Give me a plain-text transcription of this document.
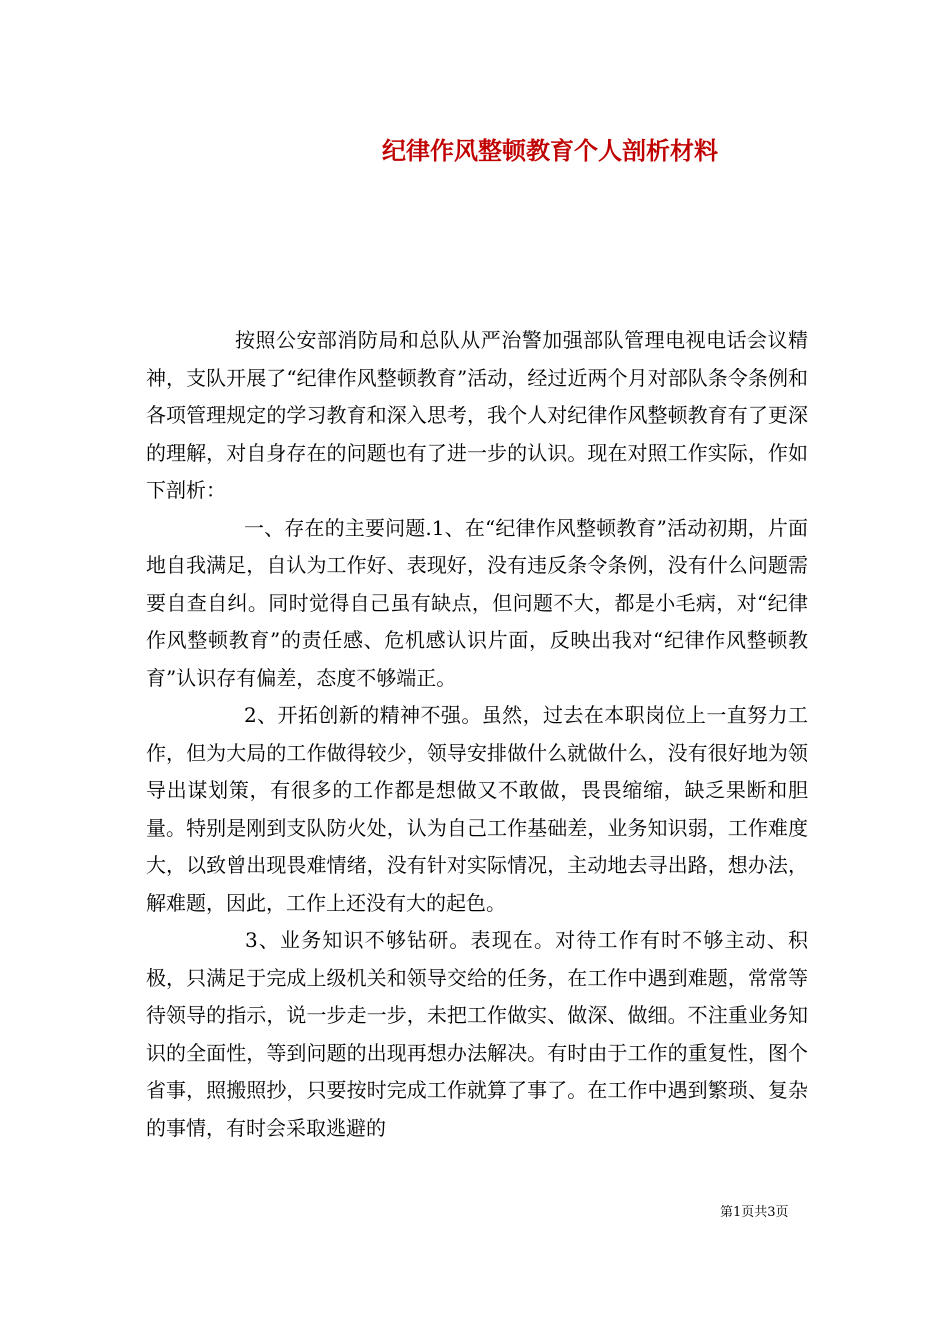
纪律作风整顿教育个人剖析材料

按照公安部消防局和总队从严治警加强部队管理电视电话会议精神，支队开展了“纪律作风整顿教育”活动，经过近两个月对部队条令条例和各项管理规定的学习教育和深入思考，我个人对纪律作风整顿教育有了更深的理解，对自身存在的问题也有了进一步的认识。现在对照工作实际，作如下剖析：

一、存在的主要问题.1、在“纪律作风整顿教育”活动初期，片面地自我满足，自认为工作好、表现好，没有违反条令条例，没有什么问题需要自查自纠。同时觉得自己虽有缺点，但问题不大，都是小毛病，对“纪律作风整顿教育”的责任感、危机感认识片面，反映出我对“纪律作风整顿教育”认识存有偏差，态度不够端正。

2、开拓创新的精神不强。虽然，过去在本职岗位上一直努力工作，但为大局的工作做得较少，领导安排做什么就做什么，没有很好地为领导出谋划策，有很多的工作都是想做又不敢做，畏畏缩缩，缺乏果断和胆量。特别是刚到支队防火处，认为自己工作基础差，业务知识弱，工作难度大，以致曾出现畏难情绪，没有针对实际情况，主动地去寻出路，想办法，解难题，因此，工作上还没有大的起色。

3、业务知识不够钻研。表现在。对待工作有时不够主动、积极，只满足于完成上级机关和领导交给的任务，在工作中遇到难题，常常等待领导的指示，说一步走一步，未把工作做实、做深、做细。不注重业务知识的全面性，等到问题的出现再想办法解决。有时由于工作的重复性，图个省事，照搬照抄，只要按时完成工作就算了事了。在工作中遇到繁琐、复杂的事情，有时会采取逃避的

第1页共3页
